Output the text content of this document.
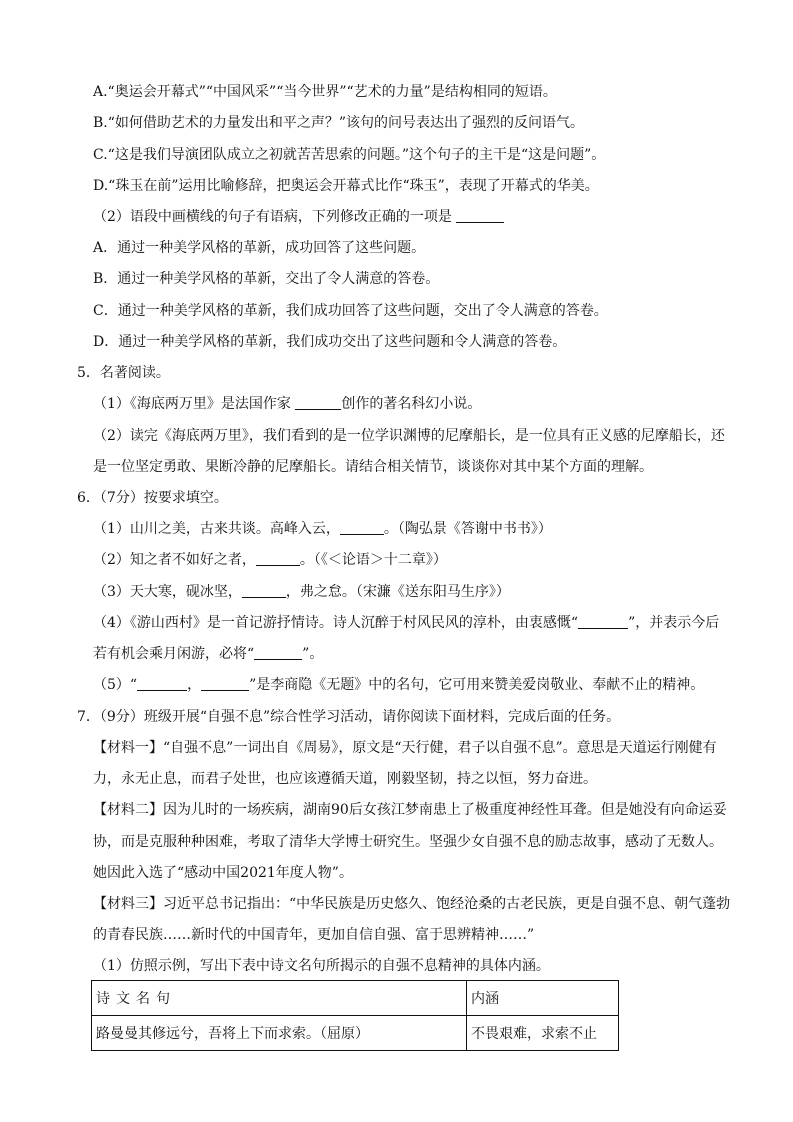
A.“奥运会开幕式”“中国风采”“当今世界”“艺术的力量”是结构相同的短语。
B.“如何借助艺术的力量发出和平之声？”该句的问号表达出了强烈的反问语气。
C.“这是我们导演团队成立之初就苦苦思索的问题。”这个句子的主干是“这是问题”。
D.“珠玉在前”运用比喻修辞，把奥运会开幕式比作“珠玉”，表现了开幕式的华美。
（2）语段中画横线的句子有语病，下列修改正确的一项是
A．通过一种美学风格的革新，成功回答了这些问题。
B．通过一种美学风格的革新，交出了令人满意的答卷。
C．通过一种美学风格的革新，我们成功回答了这些问题，交出了令人满意的答卷。
D．通过一种美学风格的革新，我们成功交出了这些问题和令人满意的答卷。
5．名著阅读。
（1）《海底两万里》是法国作家	创作的著名科幻小说。
（2）读完《海底两万里》，我们看到的是一位学识渊博的尼摩船长，是一位具有正义感的尼摩船长，还
是一位坚定勇敢、果断冷静的尼摩船长。请结合相关情节，谈谈你对其中某个方面的理解。
6．（7分）按要求填空。
（1）山川之美，古来共谈。高峰入云，	。（陶弘景《答谢中书书》）
（2）知之者不如好之者，	。（《＜论语＞十二章》）
（3）天大寒，砚冰坚，	，弗之怠。（宋濂《送东阳马生序》）
（4）《游山西村》是一首记游抒情诗。诗人沉醉于村风民风的淳朴，由衷感慨“	”，并表示今后
若有机会乘月闲游，必将“	”。
（5）“	，	”是李商隐《无题》中的名句，它可用来赞美爱岗敬业、奉献不止的精神。
7．（9分）班级开展“自强不息”综合性学习活动，请你阅读下面材料，完成后面的任务。
【材料一】“自强不息”一词出自《周易》，原文是“天行健，君子以自强不息”。意思是天道运行刚健有
力，永无止息，而君子处世，也应该遵循天道，刚毅坚韧，持之以恒，努力奋进。
【材料二】因为儿时的一场疾病，湖南90后女孩江梦南患上了极重度神经性耳聋。但是她没有向命运妥
协，而是克服种种困难，考取了清华大学博士研究生。坚强少女自强不息的励志故事，感动了无数人。
她因此入选了“感动中国2021年度人物”。
【材料三】习近平总书记指出：“中华民族是历史悠久、饱经沧桑的古老民族，更是自强不息、朝气蓬勃
的青春民族……新时代的中国青年，更加自信自强、富于思辨精神……”
（1）仿照示例，写出下表中诗文名句所揭示的自强不息精神的具体内涵。
诗文名句	内涵
路曼曼其修远兮，吾将上下而求索。（屈原）	不畏艰难，求索不止
